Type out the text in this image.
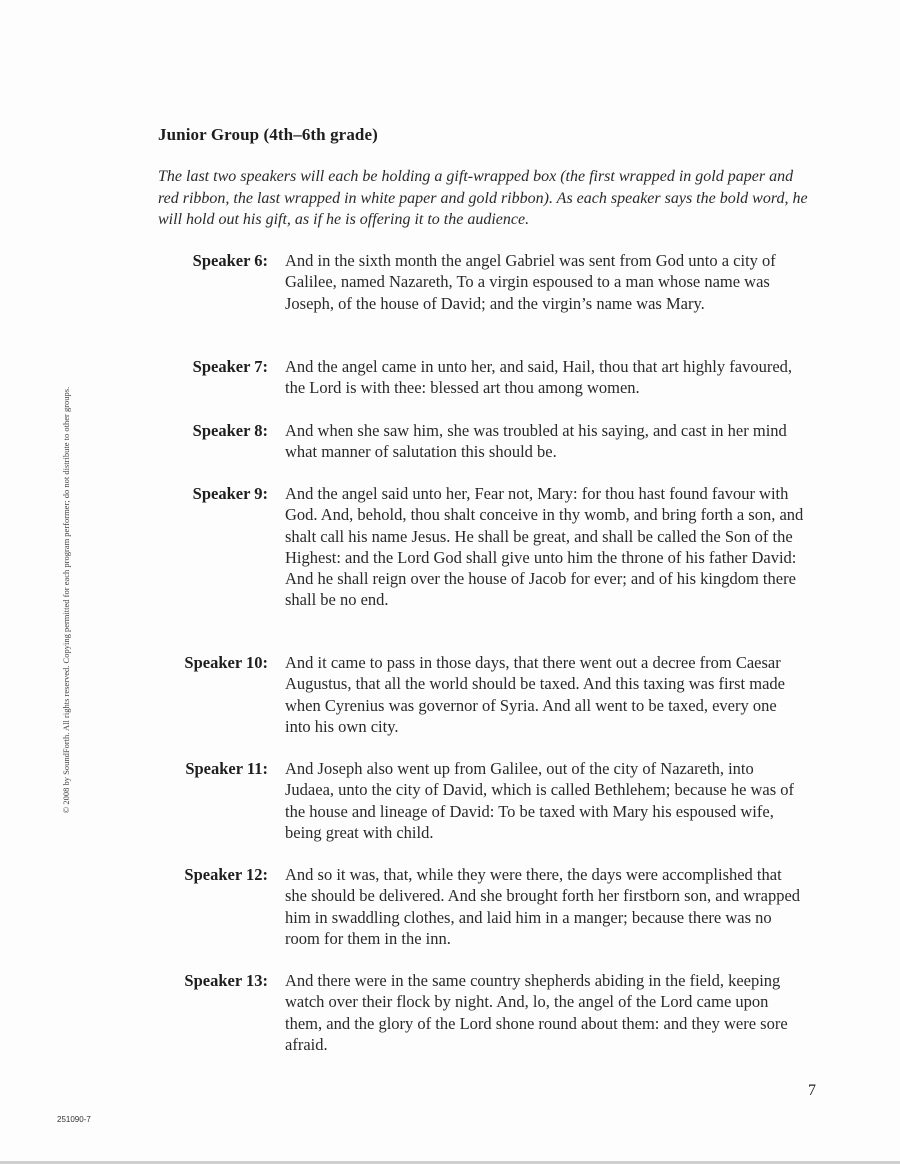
© 2008 by SoundForth. All rights reserved. Copying permitted for each program performer; do not distribute to other groups.
Junior Group (4th–6th grade)
The last two speakers will each be holding a gift-wrapped box (the first wrapped in gold paper and red ribbon, the last wrapped in white paper and gold ribbon). As each speaker says the bold word, he will hold out his gift, as if he is offering it to the audience.
Speaker 6: And in the sixth month the angel Gabriel was sent from God unto a city of Galilee, named Nazareth, To a virgin espoused to a man whose name was Joseph, of the house of David; and the virgin’s name was Mary.
Speaker 7: And the angel came in unto her, and said, Hail, thou that art highly favoured, the Lord is with thee: blessed art thou among women.
Speaker 8: And when she saw him, she was troubled at his saying, and cast in her mind what manner of salutation this should be.
Speaker 9: And the angel said unto her, Fear not, Mary: for thou hast found favour with God. And, behold, thou shalt conceive in thy womb, and bring forth a son, and shalt call his name Jesus. He shall be great, and shall be called the Son of the Highest: and the Lord God shall give unto him the throne of his father David: And he shall reign over the house of Jacob for ever; and of his kingdom there shall be no end.
Speaker 10: And it came to pass in those days, that there went out a decree from Caesar Augustus, that all the world should be taxed. And this taxing was first made when Cyrenius was governor of Syria. And all went to be taxed, every one into his own city.
Speaker 11: And Joseph also went up from Galilee, out of the city of Nazareth, into Judaea, unto the city of David, which is called Bethlehem; because he was of the house and lineage of David: To be taxed with Mary his espoused wife, being great with child.
Speaker 12: And so it was, that, while they were there, the days were accomplished that she should be delivered. And she brought forth her firstborn son, and wrapped him in swaddling clothes, and laid him in a manger; because there was no room for them in the inn.
Speaker 13: And there were in the same country shepherds abiding in the field, keeping watch over their flock by night. And, lo, the angel of the Lord came upon them, and the glory of the Lord shone round about them: and they were sore afraid.
7
251090-7
